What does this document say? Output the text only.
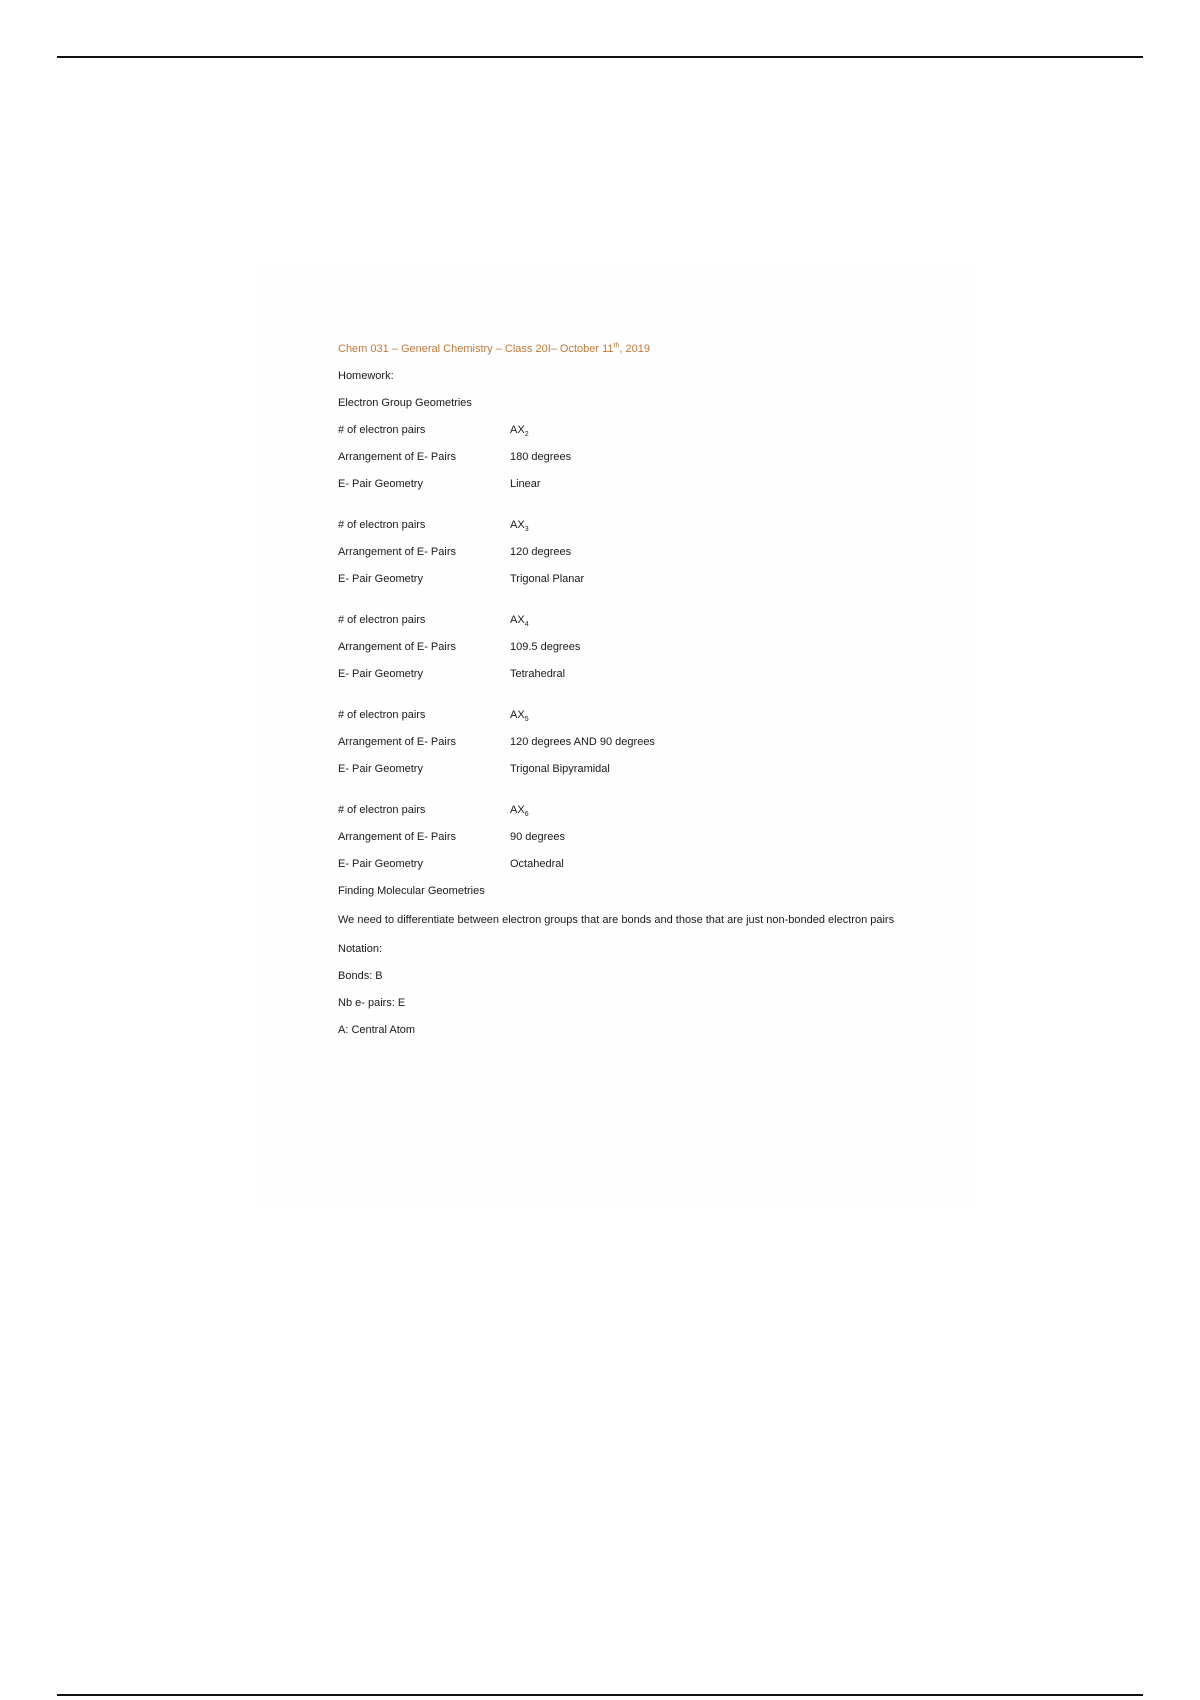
Chem 031 – General Chemistry – Class 20I– October 11th, 2019
Homework:
Electron Group Geometries
# of electron pairs	$AX_2$
Arrangement of E- Pairs	180 degrees
E- Pair Geometry	Linear
# of electron pairs	$AX_3$
Arrangement of E- Pairs	120 degrees
E- Pair Geometry	Trigonal Planar
# of electron pairs	$AX_4$
Arrangement of E- Pairs	109.5 degrees
E- Pair Geometry	Tetrahedral
# of electron pairs	$AX_5$
Arrangement of E- Pairs	120 degrees AND 90 degrees
E- Pair Geometry	Trigonal Bipyramidal
# of electron pairs	$AX_6$
Arrangement of E- Pairs	90 degrees
E- Pair Geometry	Octahedral
Finding Molecular Geometries
We need to differentiate between electron groups that are bonds and those that are just non-bonded electron pairs
Notation:
Bonds: B
Nb e- pairs: E
A: Central Atom
